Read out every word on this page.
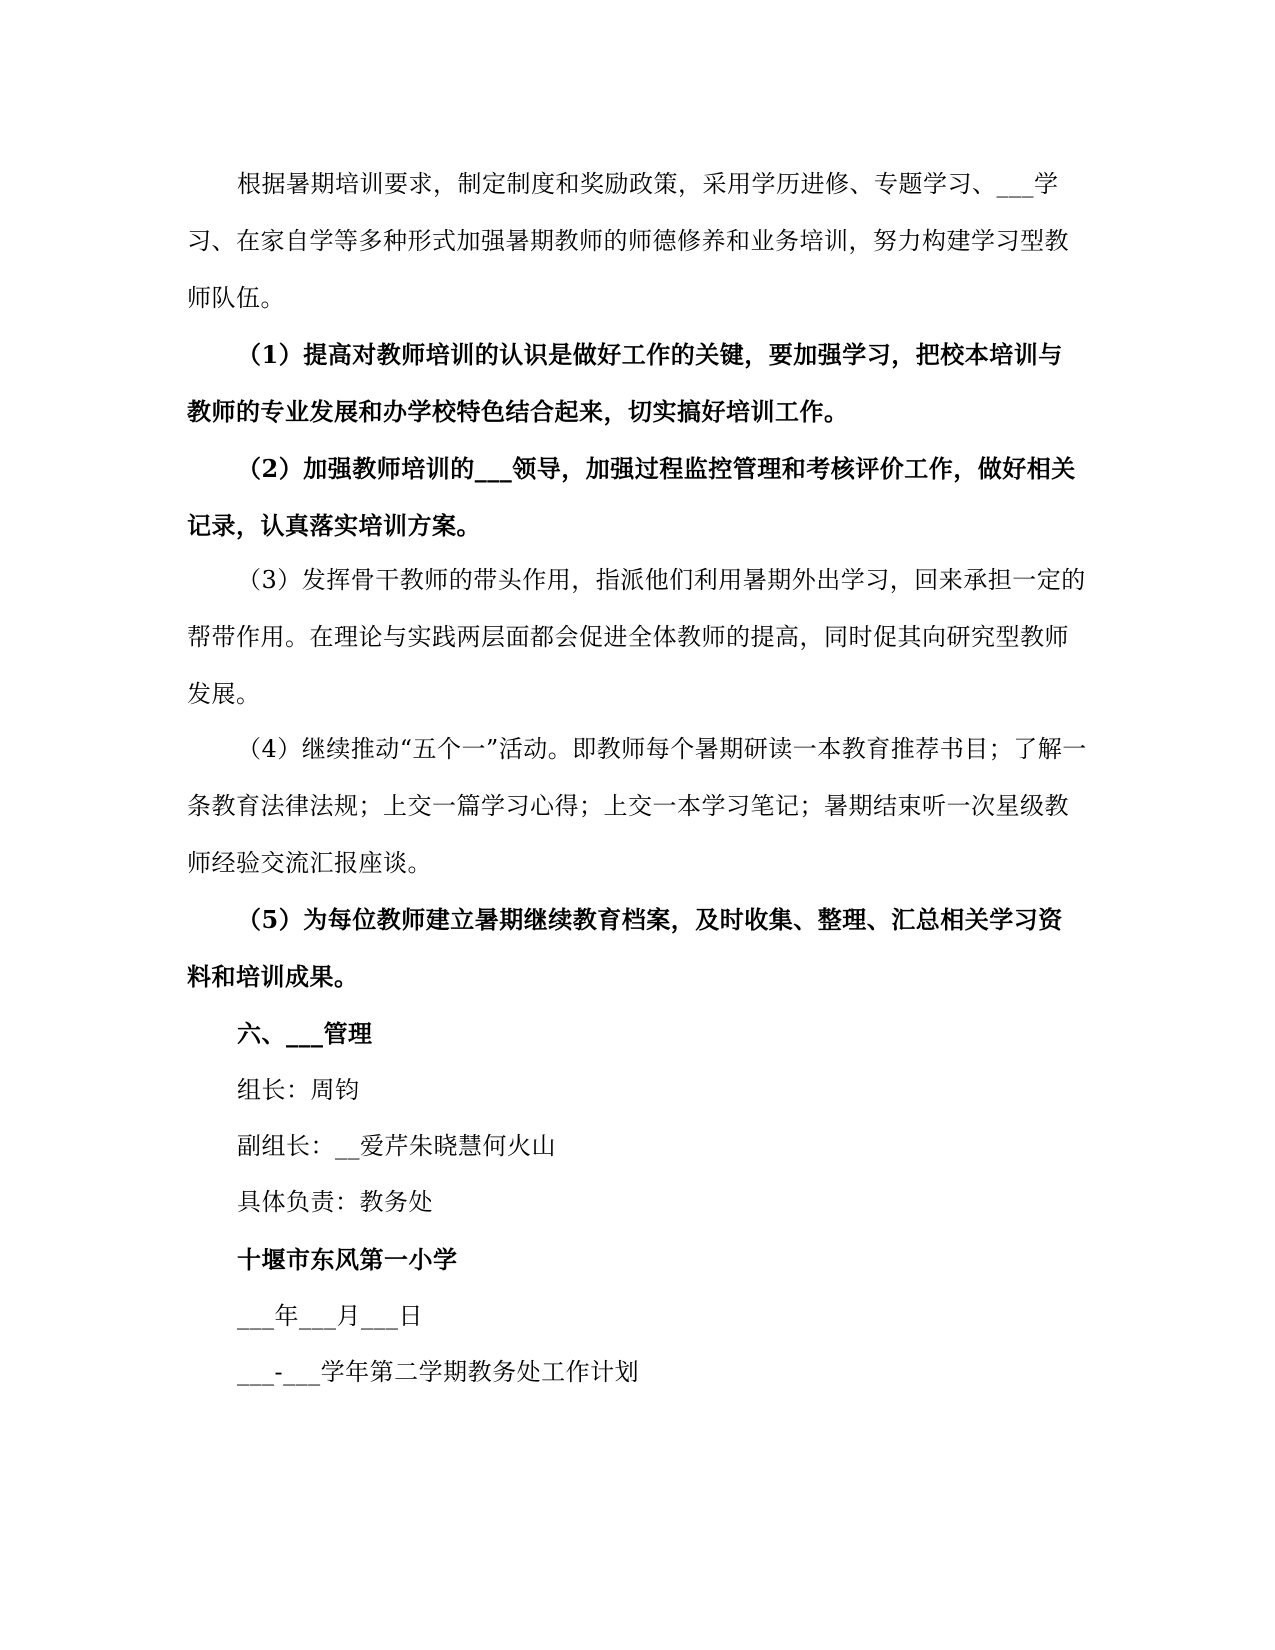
根据暑期培训要求，制定制度和奖励政策，采用学历进修、专题学习、___学习、在家自学等多种形式加强暑期教师的师德修养和业务培训，努力构建学习型教师队伍。

（1）提高对教师培训的认识是做好工作的关键，要加强学习，把校本培训与教师的专业发展和办学校特色结合起来，切实搞好培训工作。

（2）加强教师培训的___领导，加强过程监控管理和考核评价工作，做好相关记录，认真落实培训方案。

（3）发挥骨干教师的带头作用，指派他们利用暑期外出学习，回来承担一定的帮带作用。在理论与实践两层面都会促进全体教师的提高，同时促其向研究型教师发展。

（4）继续推动“五个一”活动。即教师每个暑期研读一本教育推荐书目；了解一条教育法律法规；上交一篇学习心得；上交一本学习笔记；暑期结束听一次星级教师经验交流汇报座谈。

（5）为每位教师建立暑期继续教育档案，及时收集、整理、汇总相关学习资料和培训成果。

六、___管理

组长：周钧

副组长：__爱芹朱晓慧何火山

具体负责：教务处

十堰市东风第一小学

___年___月___日

___-___学年第二学期教务处工作计划
